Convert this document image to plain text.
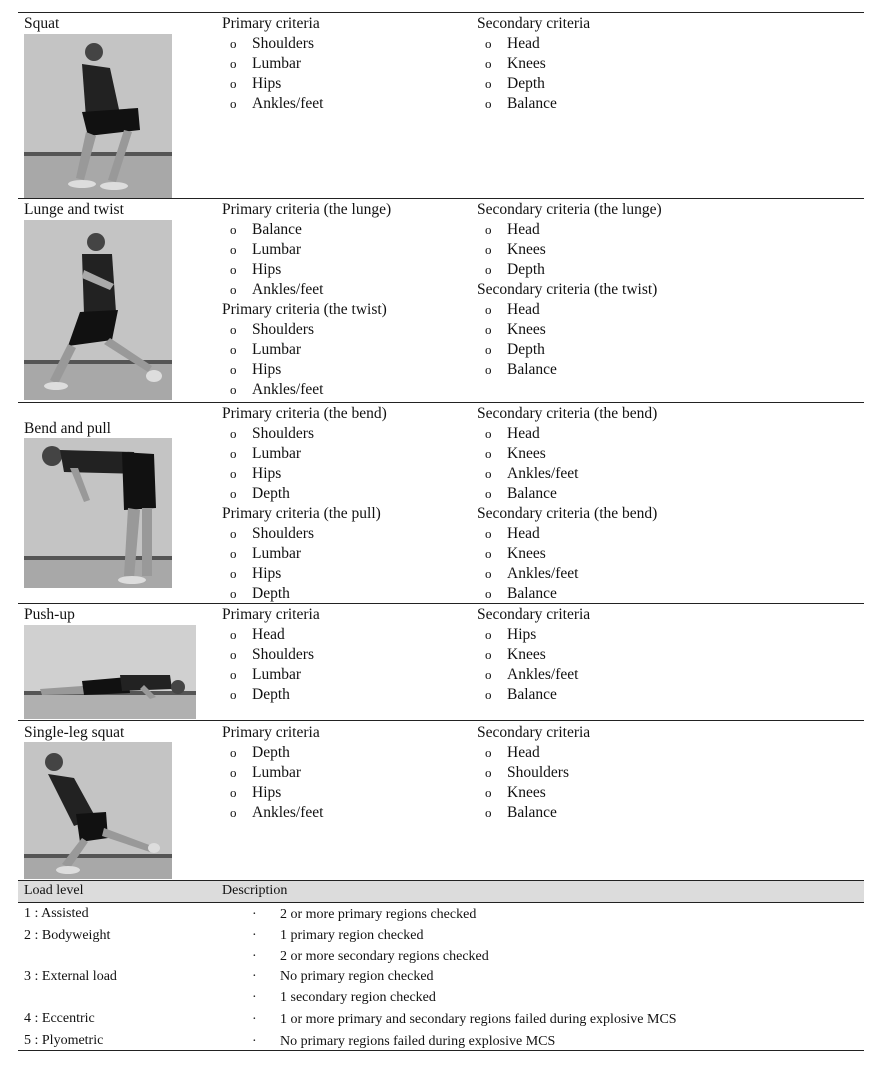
Squat
Lunge and twist
Bend and pull
Push-up
Single-leg squat
Primary criteria
o Shoulders
o Lumbar
o Hips
o Ankles/feet
Secondary criteria
o Head
o Knees
o Depth
o Balance
Primary criteria (the lunge)
o Balance
o Lumbar
o Hips
o Ankles/feet
Primary criteria (the twist)
o Shoulders
o Lumbar
o Hips
o Ankles/feet
Secondary criteria (the lunge)
o Head
o Knees
o Depth
Secondary criteria (the twist)
o Head
o Knees
o Depth
o Balance
Primary criteria (the bend)
o Shoulders
o Lumbar
o Hips
o Depth
Primary criteria (the pull)
o Shoulders
o Lumbar
o Hips
o Depth
Secondary criteria (the bend)
o Head
o Knees
o Ankles/feet
o Balance
Secondary criteria (the bend)
o Head
o Knees
o Ankles/feet
o Balance
Primary criteria
o Head
o Shoulders
o Lumbar
o Depth
Secondary criteria
o Hips
o Knees
o Ankles/feet
o Balance
Primary criteria
o Depth
o Lumbar
o Hips
o Ankles/feet
Secondary criteria
o Head
o Shoulders
o Knees
o Balance
Load level	Description
1 : Assisted
2 : Bodyweight
3 : External load
4 : Eccentric
5 : Plyometric
· 2 or more primary regions checked
· 1 primary region checked
· 2 or more secondary regions checked
· No primary region checked
· 1 secondary region checked
· 1 or more primary and secondary regions failed during explosive MCS
· No primary regions failed during explosive MCS
